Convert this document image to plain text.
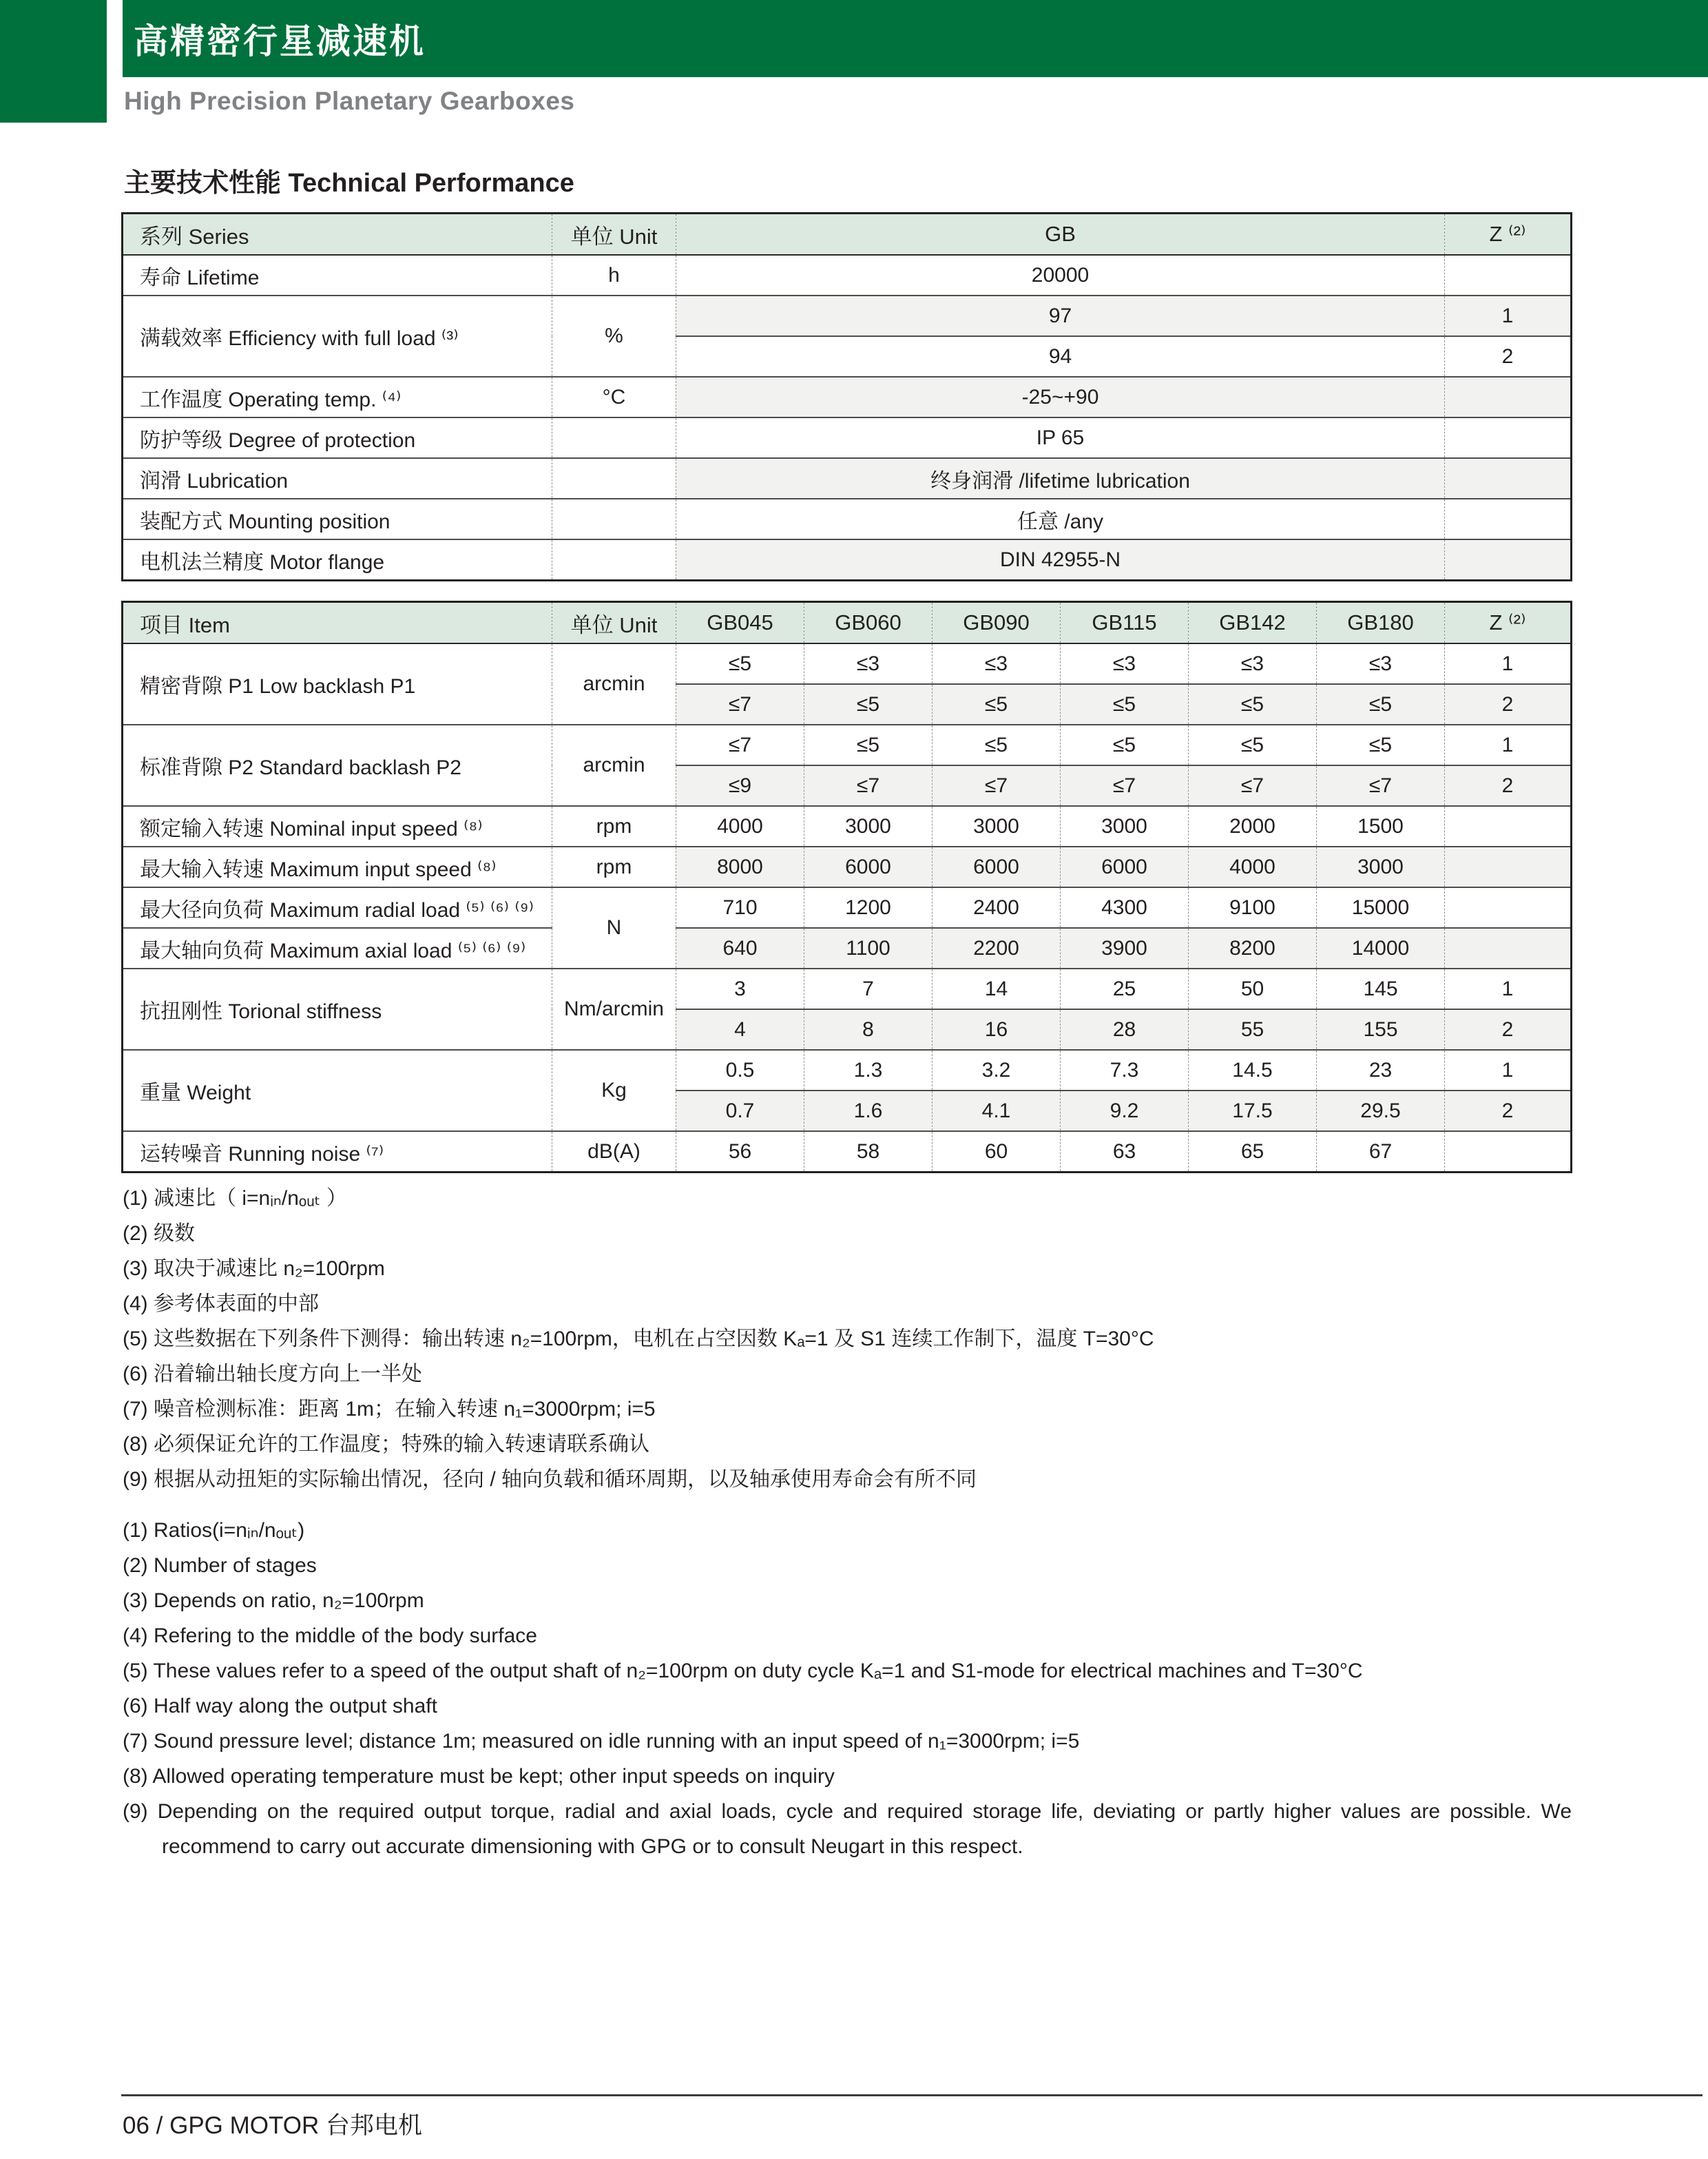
高精密行星减速机
High Precision Planetary Gearboxes
主要技术性能 Technical Performance
系列 Series	单位 Unit	GB	Z ⁽²⁾
寿命 Lifetime	h	20000	
满载效率 Efficiency with full load ⁽³⁾	%	97	1
		94	2
工作温度 Operating temp. ⁽⁴⁾	°C	-25~+90	
防护等级 Degree of protection		IP 65	
润滑 Lubrication		终身润滑 /lifetime lubrication	
装配方式 Mounting position		任意 /any	
电机法兰精度 Motor flange		DIN 42955-N	
项目 Item	单位 Unit	GB045	GB060	GB090	GB115	GB142	GB180	Z ⁽²⁾
精密背隙 P1 Low backlash P1	arcmin	≤5	≤3	≤3	≤3	≤3	≤3	1
		≤7	≤5	≤5	≤5	≤5	≤5	2
标准背隙 P2 Standard backlash P2	arcmin	≤7	≤5	≤5	≤5	≤5	≤5	1
		≤9	≤7	≤7	≤7	≤7	≤7	2
额定输入转速 Nominal input speed ⁽⁸⁾	rpm	4000	3000	3000	3000	2000	1500	
最大输入转速 Maximum input speed ⁽⁸⁾	rpm	8000	6000	6000	6000	4000	3000	
最大径向负荷 Maximum radial load ⁽⁵⁾ ⁽⁶⁾ ⁽⁹⁾	N	710	1200	2400	4300	9100	15000	
最大轴向负荷 Maximum axial load ⁽⁵⁾ ⁽⁶⁾ ⁽⁹⁾		640	1100	2200	3900	8200	14000	
抗扭刚性 Torional stiffness	Nm/arcmin	3	7	14	25	50	145	1
		4	8	16	28	55	155	2
重量 Weight	Kg	0.5	1.3	3.2	7.3	14.5	23	1
		0.7	1.6	4.1	9.2	17.5	29.5	2
运转噪音 Running noise ⁽⁷⁾	dB(A)	56	58	60	63	65	67	
(1) 减速比（ i=nᵢₙ/nₒᵤₜ ）
(2) 级数
(3) 取决于减速比 n₂=100rpm
(4) 参考体表面的中部
(5) 这些数据在下列条件下测得：输出转速 n₂=100rpm，电机在占空因数 Kₐ=1 及 S1 连续工作制下，温度 T=30°C
(6) 沿着输出轴长度方向上一半处
(7) 噪音检测标准：距离 1m；在输入转速 n₁=3000rpm; i=5
(8) 必须保证允许的工作温度；特殊的输入转速请联系确认
(9) 根据从动扭矩的实际输出情况，径向 / 轴向负载和循环周期，以及轴承使用寿命会有所不同
(1) Ratios(i=nᵢₙ/nₒᵤₜ)
(2) Number of stages
(3) Depends on ratio, n₂=100rpm
(4) Refering to the middle of the body surface
(5) These values refer to a speed of the output shaft of n₂=100rpm on duty cycle Kₐ=1 and S1-mode for electrical machines and T=30°C
(6) Half way along the output shaft
(7) Sound pressure level; distance 1m; measured on idle running with an input speed of n₁=3000rpm; i=5
(8) Allowed operating temperature must be kept; other input speeds on inquiry
(9) Depending on the required output torque, radial and axial loads, cycle and required storage life, deviating or partly higher values are possible. We recommend to carry out accurate dimensioning with GPG or to consult Neugart in this respect.
06 / GPG MOTOR 台邦电机
